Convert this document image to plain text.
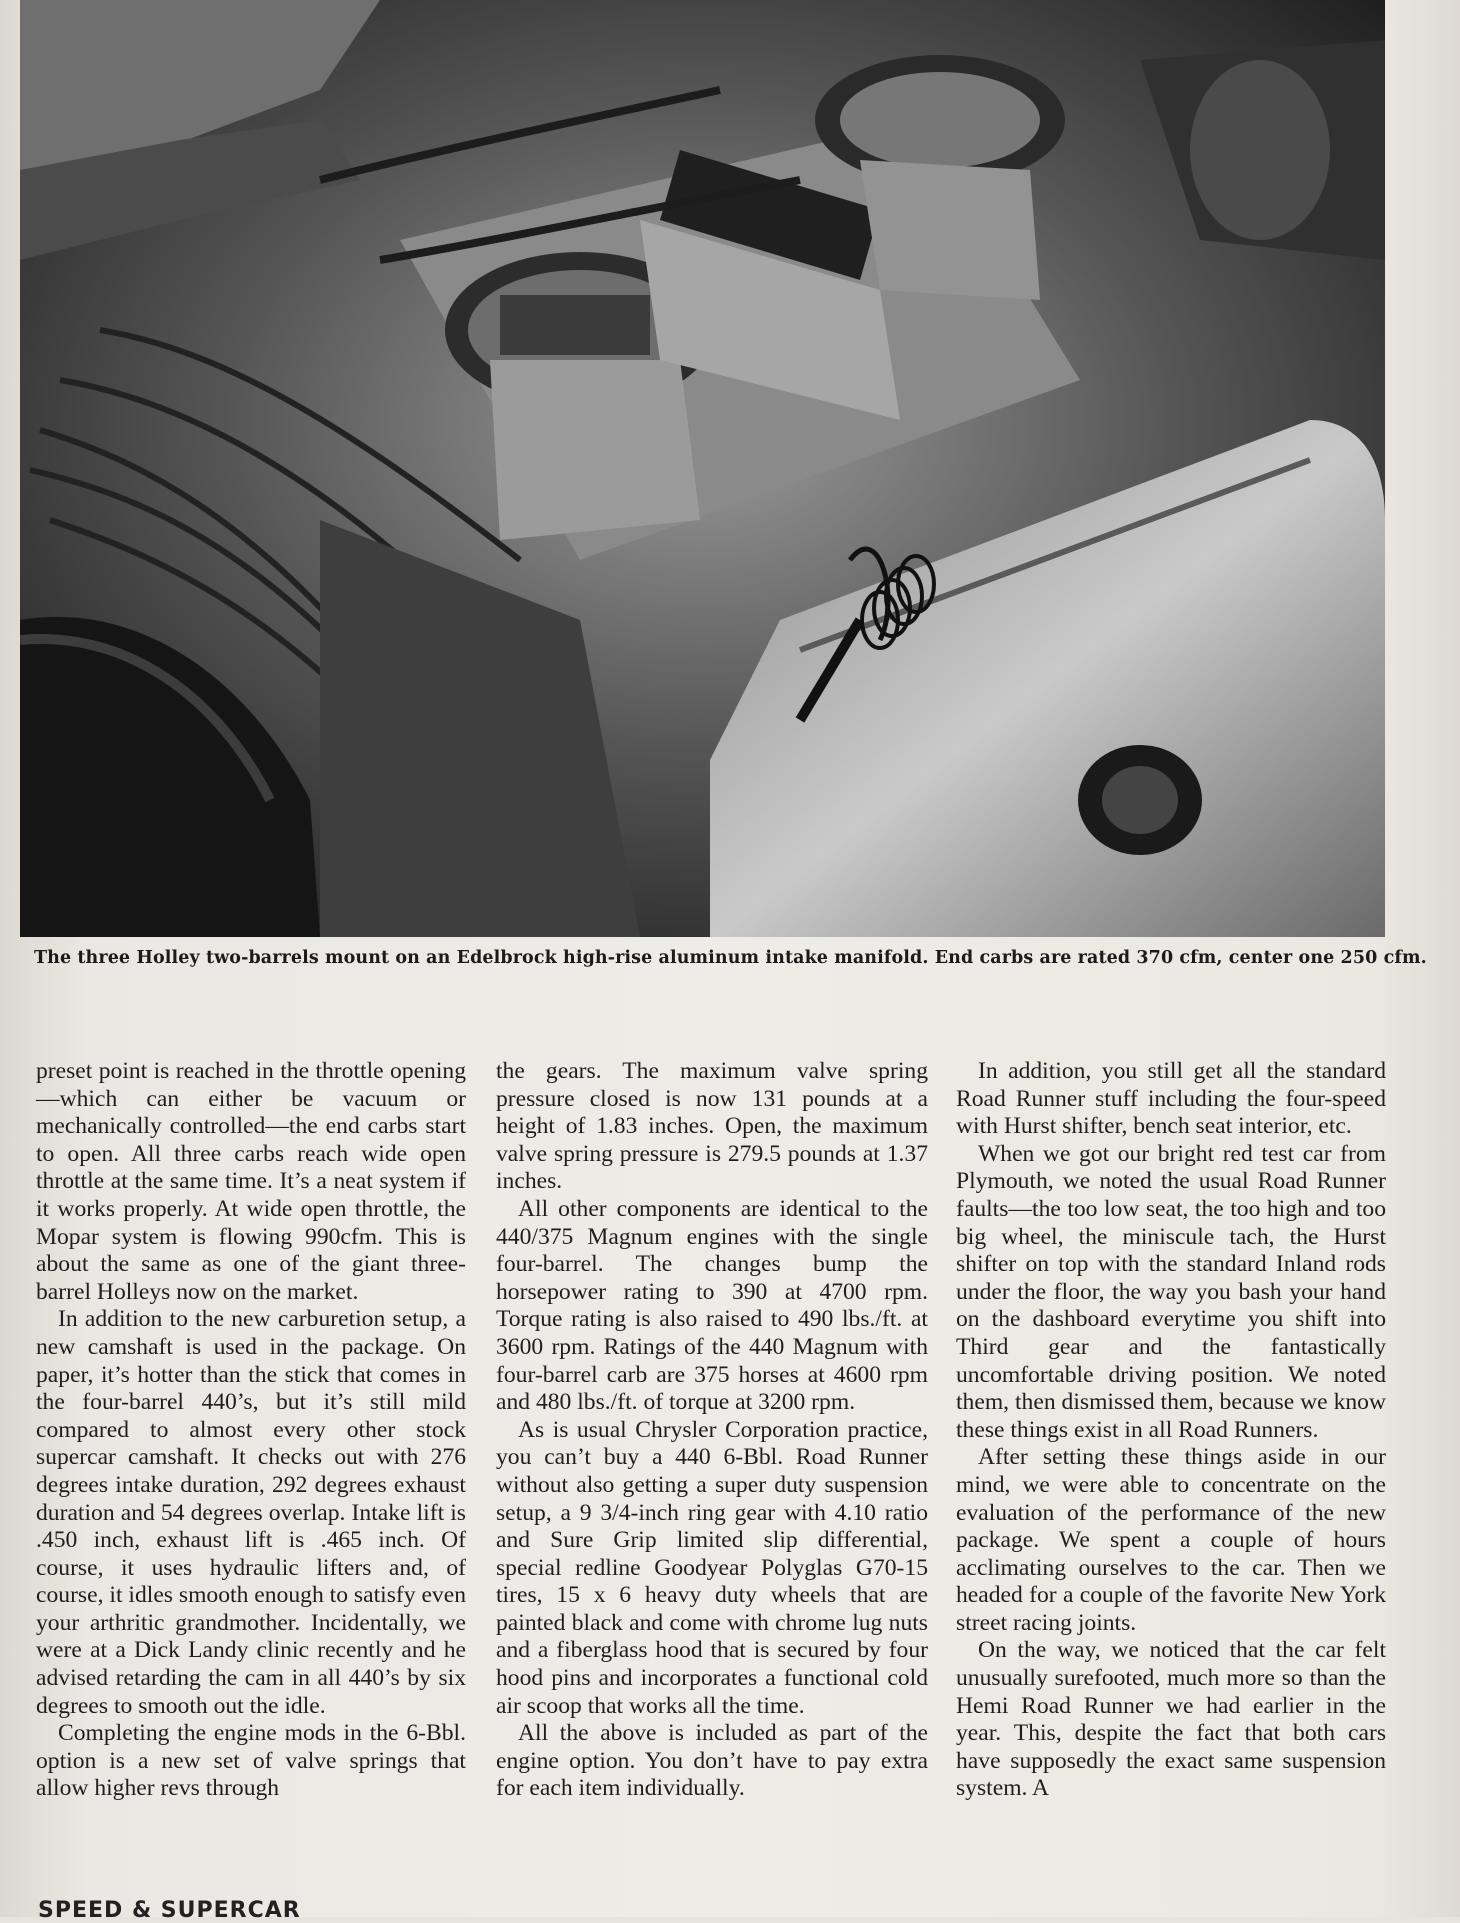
The three Holley two-barrels mount on an Edelbrock high-rise aluminum intake manifold. End carbs are rated 370 cfm, center one 250 cfm.

preset point is reached in the throttle opening—which can either be vacuum or mechanically controlled—the end carbs start to open. All three carbs reach wide open throttle at the same time. It’s a neat system if it works properly. At wide open throttle, the Mopar system is flowing 990cfm. This is about the same as one of the giant three-barrel Holleys now on the market.

In addition to the new carburetion setup, a new camshaft is used in the package. On paper, it’s hotter than the stick that comes in the four-barrel 440’s, but it’s still mild compared to almost every other stock supercar camshaft. It checks out with 276 degrees intake duration, 292 degrees exhaust duration and 54 degrees overlap. Intake lift is .450 inch, exhaust lift is .465 inch. Of course, it uses hydraulic lifters and, of course, it idles smooth enough to satisfy even your arthritic grandmother. Incidentally, we were at a Dick Landy clinic recently and he advised retarding the cam in all 440’s by six degrees to smooth out the idle.

Completing the engine mods in the 6-Bbl. option is a new set of valve springs that allow higher revs through

the gears. The maximum valve spring pressure closed is now 131 pounds at a height of 1.83 inches. Open, the maximum valve spring pressure is 279.5 pounds at 1.37 inches.

All other components are identical to the 440/375 Magnum engines with the single four-barrel. The changes bump the horsepower rating to 390 at 4700 rpm. Torque rating is also raised to 490 lbs./ft. at 3600 rpm. Ratings of the 440 Magnum with four-barrel carb are 375 horses at 4600 rpm and 480 lbs./ft. of torque at 3200 rpm.

As is usual Chrysler Corporation practice, you can’t buy a 440 6-Bbl. Road Runner without also getting a super duty suspension setup, a 9 3/4-inch ring gear with 4.10 ratio and Sure Grip limited slip differential, special redline Goodyear Polyglas G70-15 tires, 15 x 6 heavy duty wheels that are painted black and come with chrome lug nuts and a fiberglass hood that is secured by four hood pins and incorporates a functional cold air scoop that works all the time.

All the above is included as part of the engine option. You don’t have to pay extra for each item individually.

In addition, you still get all the standard Road Runner stuff including the four-speed with Hurst shifter, bench seat interior, etc.

When we got our bright red test car from Plymouth, we noted the usual Road Runner faults—the too low seat, the too high and too big wheel, the miniscule tach, the Hurst shifter on top with the standard Inland rods under the floor, the way you bash your hand on the dashboard everytime you shift into Third gear and the fantastically uncomfortable driving position. We noted them, then dismissed them, because we know these things exist in all Road Runners.

After setting these things aside in our mind, we were able to concentrate on the evaluation of the performance of the new package. We spent a couple of hours acclimating ourselves to the car. Then we headed for a couple of the favorite New York street racing joints.

On the way, we noticed that the car felt unusually surefooted, much more so than the Hemi Road Runner we had earlier in the year. This, despite the fact that both cars have supposedly the exact same suspension system. A

SPEED & SUPERCAR
